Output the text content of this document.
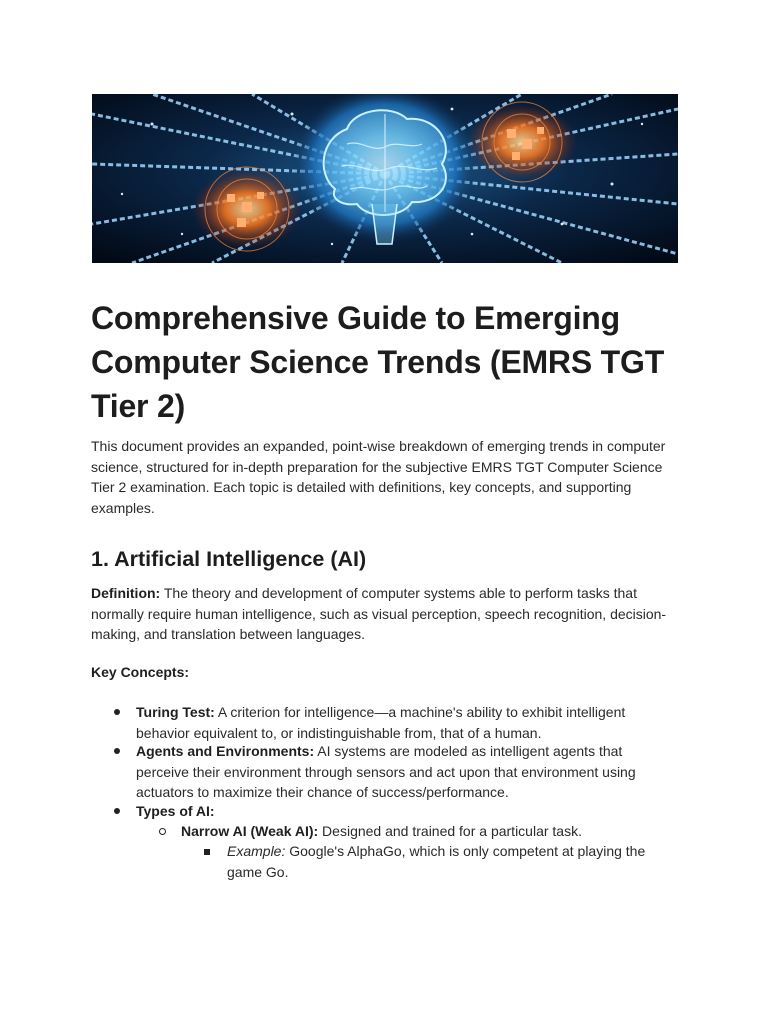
Comprehensive Guide to Emerging Computer Science Trends (EMRS TGT Tier 2)

This document provides an expanded, point-wise breakdown of emerging trends in computer science, structured for in-depth preparation for the subjective EMRS TGT Computer Science Tier 2 examination. Each topic is detailed with definitions, key concepts, and supporting examples.

1. Artificial Intelligence (AI)

Definition: The theory and development of computer systems able to perform tasks that normally require human intelligence, such as visual perception, speech recognition, decision-making, and translation between languages.

Key Concepts:

Turing Test: A criterion for intelligence—a machine's ability to exhibit intelligent behavior equivalent to, or indistinguishable from, that of a human.
Agents and Environments: AI systems are modeled as intelligent agents that perceive their environment through sensors and act upon that environment using actuators to maximize their chance of success/performance.
Types of AI:
Narrow AI (Weak AI): Designed and trained for a particular task.
Example: Google's AlphaGo, which is only competent at playing the game Go.
